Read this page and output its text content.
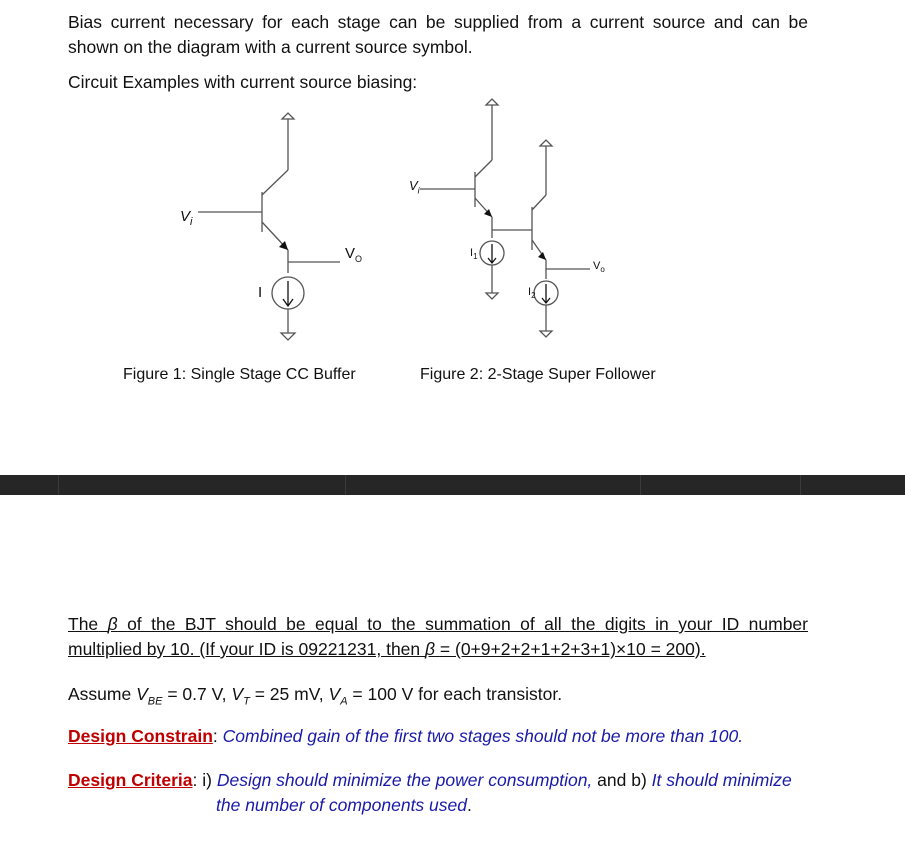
Bias current necessary for each stage can be supplied from a current source and can be

shown on the diagram with a current source symbol.

Circuit Examples with current source biasing:

$V_i$
$V_O$
I
$V_i$
$V_o$
$I_1$
$I_2$
Figure 1: Single Stage CC Buffer	Figure 2: 2-Stage Super Follower

The β of the BJT should be equal to the summation of all the digits in your ID number

multiplied by 10. (If your ID is 09221231, then β = (0+9+2+2+1+2+3+1)×10 = 200).

Assume $V_{BE} = 0.7$ V, $V_T = 25$ mV, $V_A = 100$ V for each transistor.

Design Constrain: Combined gain of the first two stages should not be more than 100.

Design Criteria: i) Design should minimize the power consumption, and b) It should minimize

the number of components used.
